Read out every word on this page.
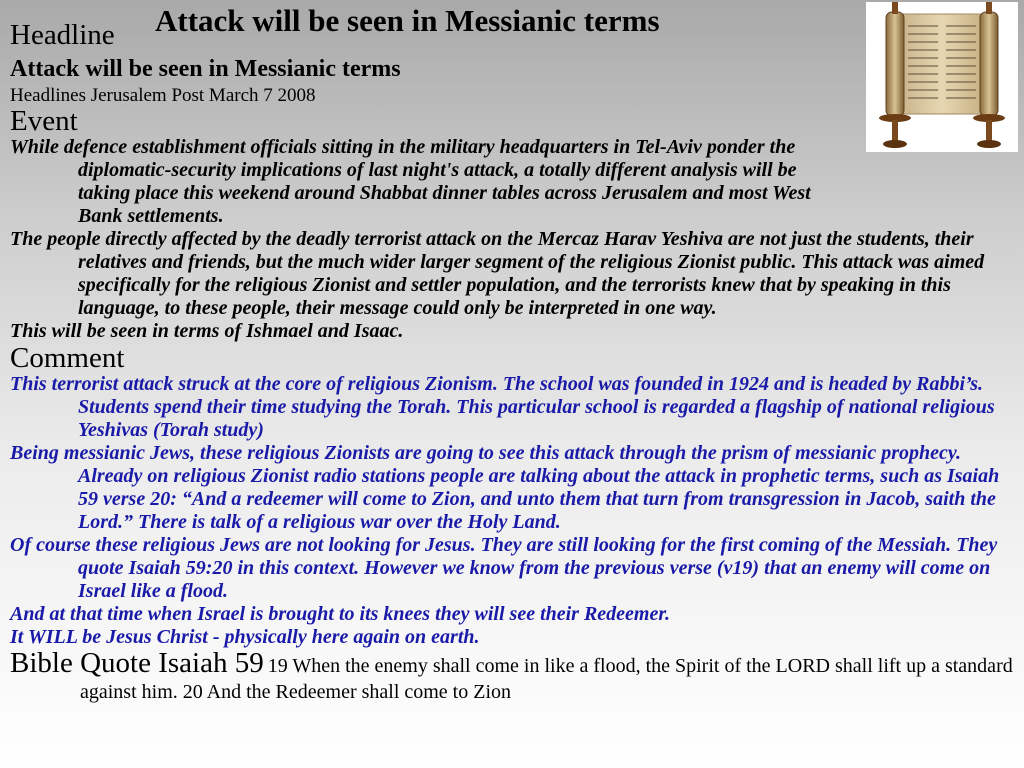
Attack will be seen in Messianic terms
Headline
Attack will be seen in Messianic terms
Headlines Jerusalem Post March 7 2008
Event
While defence establishment officials sitting in the military headquarters in Tel-Aviv ponder the diplomatic-security implications of last night's attack, a totally different analysis will be taking place this weekend around Shabbat dinner tables across Jerusalem and most West Bank settlements.
The people directly affected by the deadly terrorist attack on the Mercaz Harav Yeshiva are not just the students, their relatives and friends, but the much wider larger segment of the religious Zionist public. This attack was aimed specifically for the religious Zionist and settler population, and the terrorists knew that by speaking in this language, to these people, their message could only be interpreted in one way.
This will be seen in terms of Ishmael and Isaac.
Comment
This terrorist attack struck at the core of religious Zionism. The school was founded in 1924 and is headed by Rabbi’s. Students spend their time studying the Torah. This particular school is regarded a flagship of national religious Yeshivas (Torah study)
Being messianic Jews, these religious Zionists are going to see this attack through the prism of messianic prophecy. Already on religious Zionist radio stations people are talking about the attack in prophetic terms, such as Isaiah 59 verse 20: “And a redeemer will come to Zion, and unto them that turn from transgression in Jacob, saith the Lord.” There is talk of a religious war over the Holy Land.
Of course these religious Jews are not looking for Jesus. They are still looking for the first coming of the Messiah. They quote Isaiah 59:20 in this context. However we know from the previous verse (v19) that an enemy will come on Israel like a flood.
And at that time when Israel is brought to its knees they will see their Redeemer.
It WILL be Jesus Christ - physically here again on earth.
Bible Quote Isaiah 59 19 When the enemy shall come in like a flood, the Spirit of the LORD shall lift up a standard against him. 20 And the Redeemer shall come to Zion
